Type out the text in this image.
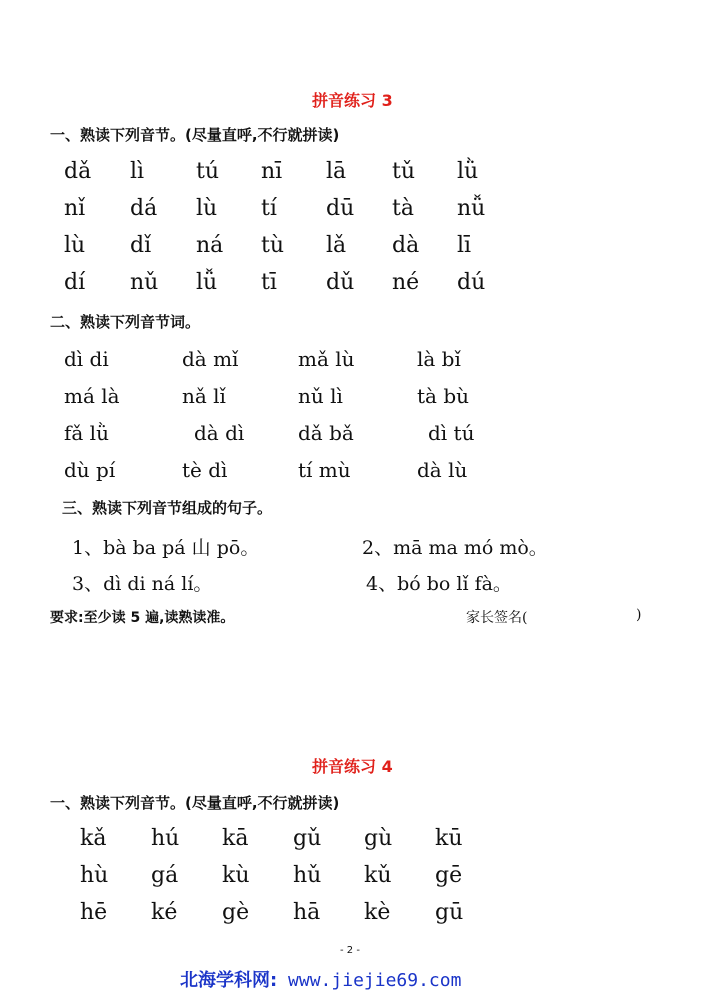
拼音练习 3
一、熟读下列音节。(尽量直呼,不行就拼读)
dǎ lì tú nī lā tǔ lǜ
nǐ dá lù tí dū tà nǚ
lù dǐ ná tù lǎ dà lī
dí nǔ lǚ tī dǔ né dú
二、熟读下列音节词。
dì di	dà mǐ	mǎ lù	là bǐ
má là	nǎ lǐ	nǔ lì	tà bù
fǎ lǜ	dà dì	dǎ bǎ	dì tú
dù pí	tè dì	tí mù	dà lù
三、熟读下列音节组成的句子。
1、bà ba pá 山 pō。	2、mā ma mó mò。
3、dì di ná lí。	4、bó bo lǐ fà。
要求:至少读 5 遍,读熟读准。	家长签名(	)
拼音练习 4
一、熟读下列音节。(尽量直呼,不行就拼读)
kǎ hú kā gǔ gù kū
hù gá kù hǔ kǔ gē
hē ké gè hā kè gū
- 2 -
北海学科网: www.jiejie69.com
